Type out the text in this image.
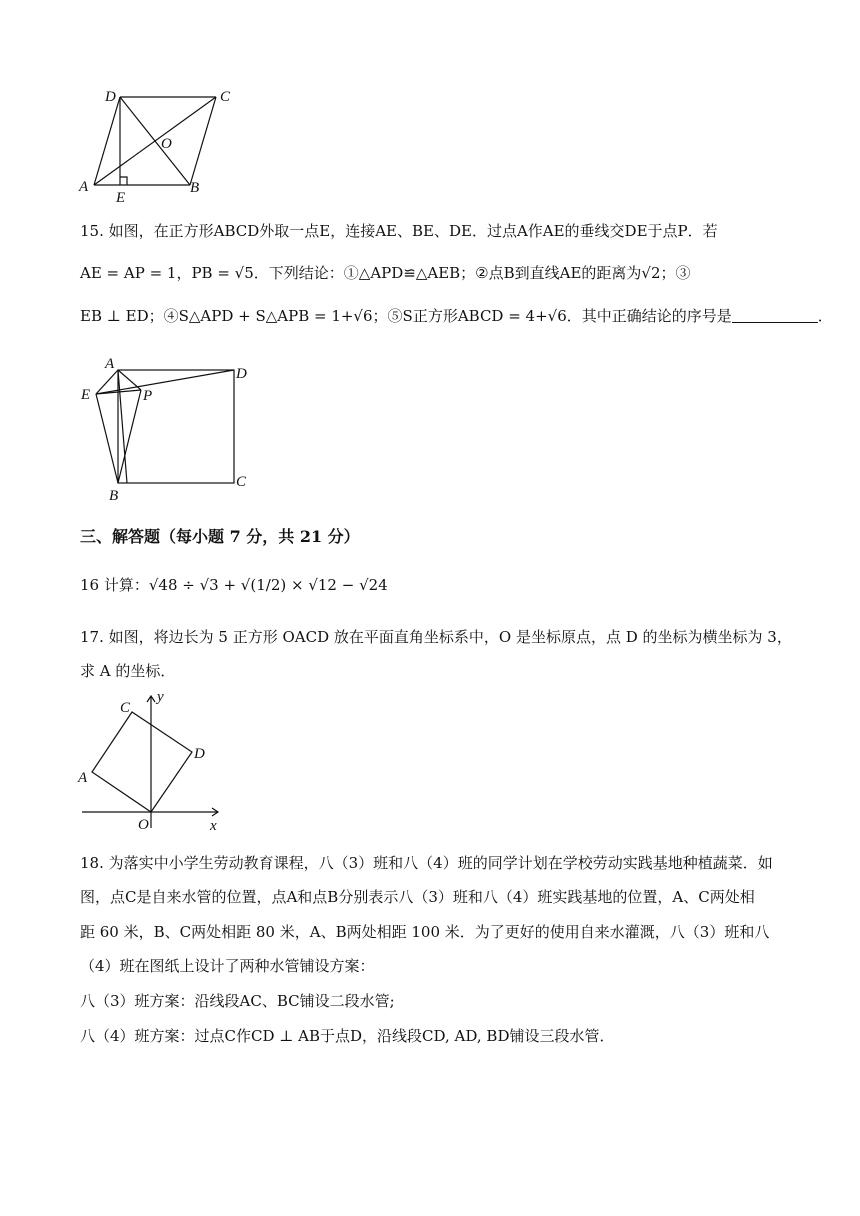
D	C
O
A
E
B
15. 如图，在正方形ABCD外取一点E，连接AE、BE、DE．过点A作AE的垂线交DE于点P．若
AE = AP = 1，PB = √5．下列结论：①△APD≌△AEB；②点B到直线AE的距离为√2；③
EB ⊥ ED；④S△APD + S△APB = 1+√6；⑤S正方形ABCD = 4+√6．其中正确结论的序号是	．
A
D
E	P
B
C
三、解答题（每小题 7 分，共 21 分）
16 计算：√48 ÷ √3 + √(1/2) × √12 − √24
17. 如图，将边长为 5 正方形 OACD 放在平面直角坐标系中，O 是坐标原点，点 D 的坐标为横坐标为 3，
求 A 的坐标．
y
C
D
A
O	x
18. 为落实中小学生劳动教育课程，八（3）班和八（4）班的同学计划在学校劳动实践基地种植蔬菜．如
图，点C是自来水管的位置，点A和点B分别表示八（3）班和八（4）班实践基地的位置，A、C两处相
距 60 米，B、C两处相距 80 米，A、B两处相距 100 米．为了更好的使用自来水灌溉，八（3）班和八
（4）班在图纸上设计了两种水管铺设方案：
八（3）班方案：沿线段AC、BC铺设二段水管;
八（4）班方案：过点C作CD ⊥ AB于点D，沿线段CD, AD, BD铺设三段水管．
